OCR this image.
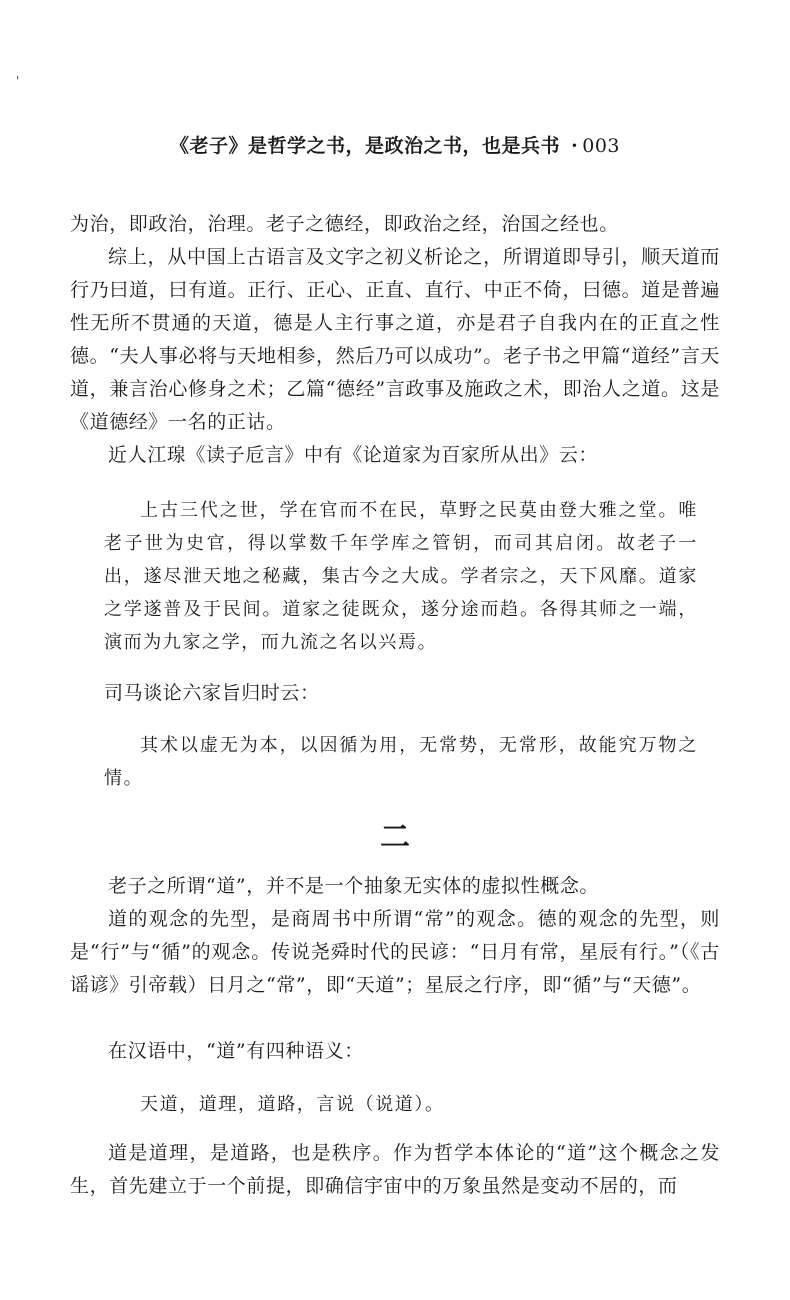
'
《老子》是哲学之书，是政治之书，也是兵书 · 003

为治，即政治，治理。老子之德经，即政治之经，治国之经也。

综上，从中国上古语言及文字之初义析论之，所谓道即导引，顺天道而行乃曰道，曰有道。正行、正心、正直、直行、中正不倚，曰德。道是普遍性无所不贯通的天道，德是人主行事之道，亦是君子自我内在的正直之性德。“夫人事必将与天地相参，然后乃可以成功”。老子书之甲篇“道经”言天道，兼言治心修身之术；乙篇“德经”言政事及施政之术，即治人之道。这是《道德经》一名的正诂。

近人江瑔《读子卮言》中有《论道家为百家所从出》云：

上古三代之世，学在官而不在民，草野之民莫由登大雅之堂。唯老子世为史官，得以掌数千年学库之管钥，而司其启闭。故老子一出，遂尽泄天地之秘藏，集古今之大成。学者宗之，天下风靡。道家之学遂普及于民间。道家之徒既众，遂分途而趋。各得其师之一端，演而为九家之学，而九流之名以兴焉。

司马谈论六家旨归时云：

其术以虚无为本，以因循为用，无常势，无常形，故能究万物之情。

二

老子之所谓“道”，并不是一个抽象无实体的虚拟性概念。

道的观念的先型，是商周书中所谓“常”的观念。德的观念的先型，则是“行”与“循”的观念。传说尧舜时代的民谚：“日月有常，星辰有行。”（《古谣谚》引帝载）日月之“常”，即“天道”；星辰之行序，即“循”与“天德”。

在汉语中，“道”有四种语义：

天道，道理，道路，言说（说道）。

道是道理，是道路，也是秩序。作为哲学本体论的“道”这个概念之发生，首先建立于一个前提，即确信宇宙中的万象虽然是变动不居的，而
